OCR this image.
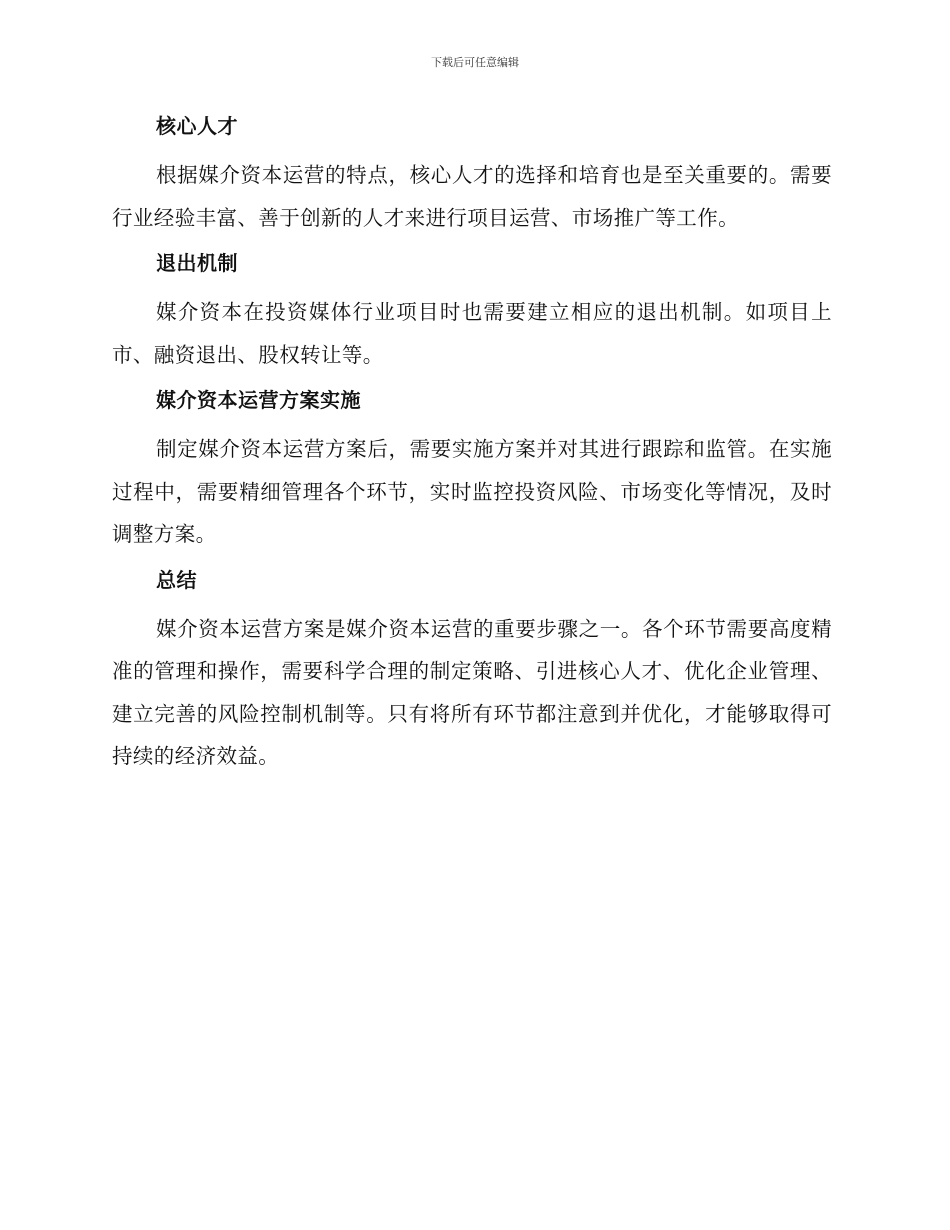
下载后可任意编辑
核心人才

根据媒介资本运营的特点，核心人才的选择和培育也是至关重要的。需要行业经验丰富、善于创新的人才来进行项目运营、市场推广等工作。

退出机制

媒介资本在投资媒体行业项目时也需要建立相应的退出机制。如项目上市、融资退出、股权转让等。

媒介资本运营方案实施

制定媒介资本运营方案后，需要实施方案并对其进行跟踪和监管。在实施过程中，需要精细管理各个环节，实时监控投资风险、市场变化等情况，及时调整方案。

总结

媒介资本运营方案是媒介资本运营的重要步骤之一。各个环节需要高度精准的管理和操作，需要科学合理的制定策略、引进核心人才、优化企业管理、建立完善的风险控制机制等。只有将所有环节都注意到并优化，才能够取得可持续的经济效益。
